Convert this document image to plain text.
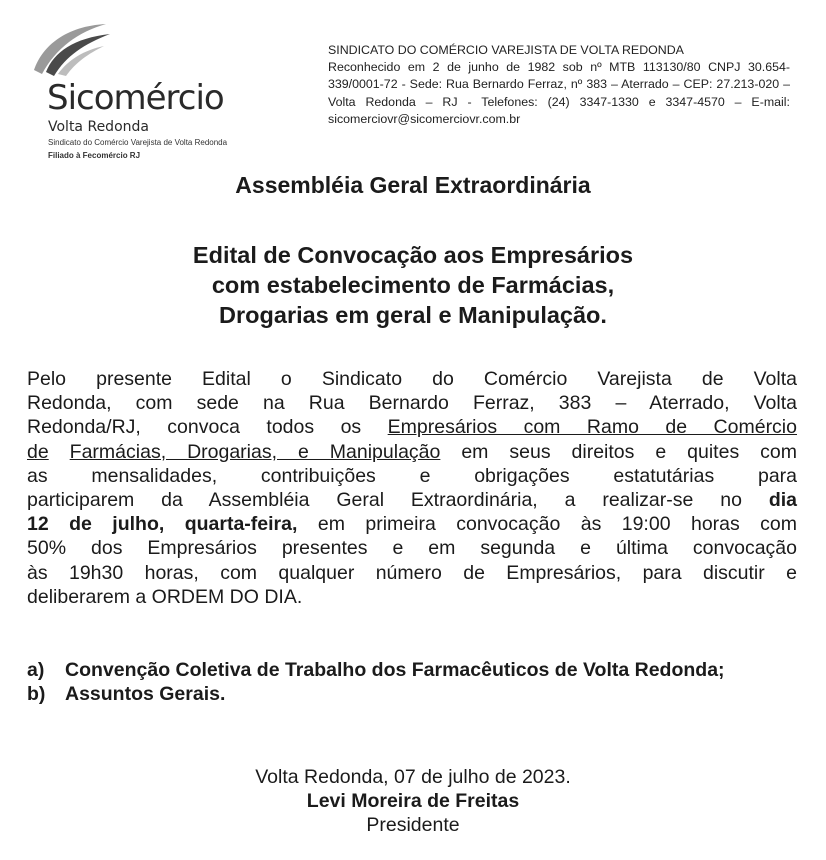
Sicomércio
Volta Redonda
Sindicato do Comércio Varejista de Volta Redonda
Filiado à Fecomércio RJ
SINDICATO DO COMÉRCIO VAREJISTA DE VOLTA REDONDA
Reconhecido em 2 de junho de 1982 sob nº MTB 113130/80 CNPJ 30.654-339/0001-72 - Sede: Rua Bernardo Ferraz, nº 383 – Aterrado – CEP: 27.213-020 – Volta Redonda – RJ - Telefones: (24) 3347-1330 e 3347-4570 – E-mail: sicomerciovr@sicomerciovr.com.br
Assembléia Geral Extraordinária
Edital de Convocação aos Empresários
com estabelecimento de Farmácias,
Drogarias em geral e Manipulação.
Pelo presente Edital o Sindicato do Comércio Varejista de Volta
Redonda, com sede na Rua Bernardo Ferraz, 383 – Aterrado, Volta
Redonda/RJ, convoca todos os Empresários com Ramo de Comércio
de Farmácias, Drogarias, e Manipulação em seus direitos e quites com
as mensalidades, contribuições e obrigações estatutárias para
participarem da Assembléia Geral Extraordinária, a realizar-se no dia
12 de julho, quarta-feira, em primeira convocação às 19:00 horas com
50% dos Empresários presentes e em segunda e última convocação
às 19h30 horas, com qualquer número de Empresários, para discutir e
deliberarem a ORDEM DO DIA.
a) Convenção Coletiva de Trabalho dos Farmacêuticos de Volta Redonda;
b) Assuntos Gerais.
Volta Redonda, 07 de julho de 2023.
Levi Moreira de Freitas
Presidente
